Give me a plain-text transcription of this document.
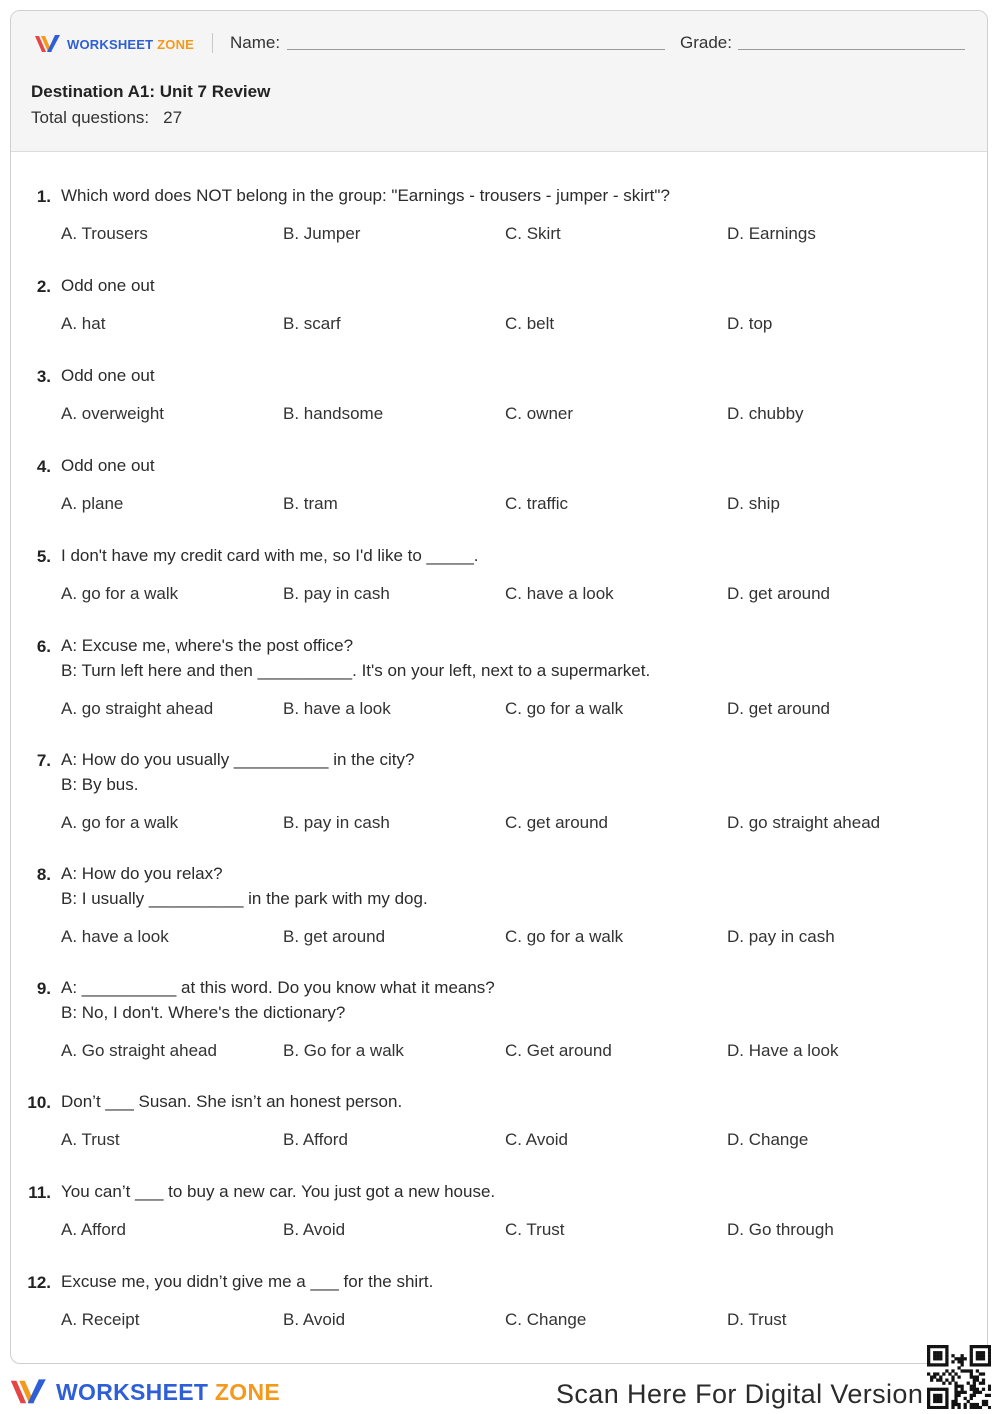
WORKSHEET ZONE Name:	Grade:
Destination A1: Unit 7 Review
Total questions: 27
1. Which word does NOT belong in the group: "Earnings - trousers - jumper - skirt"?
A. Trousers	B. Jumper	C. Skirt	D. Earnings
2. Odd one out
A. hat	B. scarf	C. belt	D. top
3. Odd one out
A. overweight	B. handsome	C. owner	D. chubby
4. Odd one out
A. plane	B. tram	C. traffic	D. ship
5. I don't have my credit card with me, so I'd like to _____.
A. go for a walk	B. pay in cash	C. have a look	D. get around
6. A: Excuse me, where's the post office?
B: Turn left here and then __________. It's on your left, next to a supermarket.
A. go straight ahead	B. have a look	C. go for a walk	D. get around
7. A: How do you usually __________ in the city?
B: By bus.
A. go for a walk	B. pay in cash	C. get around	D. go straight ahead
8. A: How do you relax?
B: I usually __________ in the park with my dog.
A. have a look	B. get around	C. go for a walk	D. pay in cash
9. A: __________ at this word. Do you know what it means?
B: No, I don't. Where's the dictionary?
A. Go straight ahead	B. Go for a walk	C. Get around	D. Have a look
10. Don’t ___ Susan. She isn’t an honest person.
A. Trust	B. Afford	C. Avoid	D. Change
11. You can’t ___ to buy a new car. You just got a new house.
A. Afford	B. Avoid	C. Trust	D. Go through
12. Excuse me, you didn’t give me a ___ for the shirt.
A. Receipt	B. Avoid	C. Change	D. Trust
WORKSHEET ZONE	Scan Here For Digital Version
